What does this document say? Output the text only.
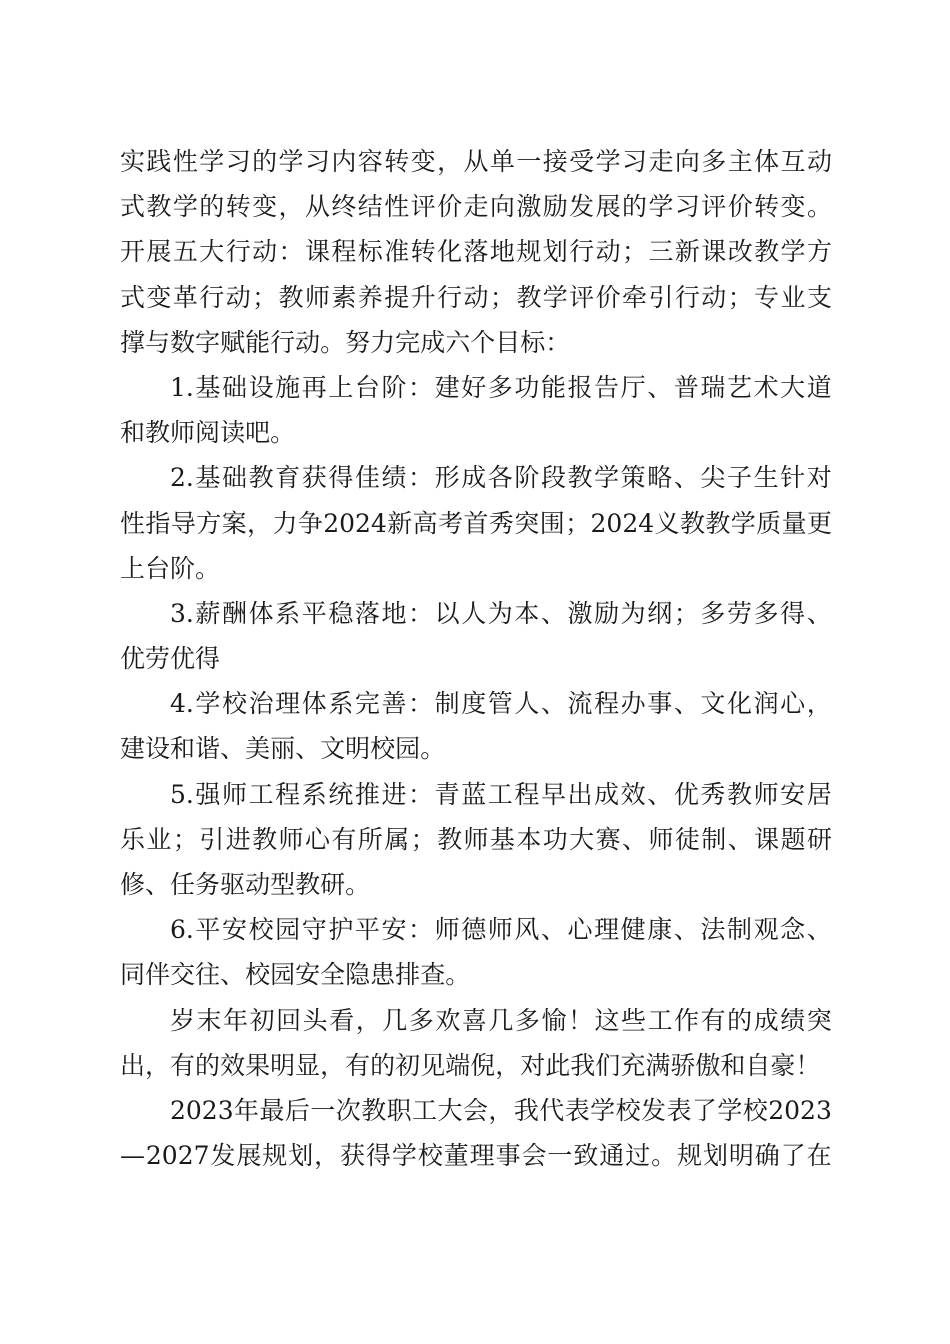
实 践 性 学 习 的 学 习 内 容 转 变 ， 从 单 一 接 受 学 习 走 向 多 主 体 互 动
式 教 学 的 转 变 ， 从 终 结 性 评 价 走 向 激 励 发 展 的 学 习 评 价 转 变 。
开 展 五 大 行 动 ： 课 程 标 准 转 化 落 地 规 划 行 动 ； 三 新 课 改 教 学 方
式 变 革 行 动 ； 教 师 素 养 提 升 行 动 ； 教 学 评 价 牵 引 行 动 ； 专 业 支
撑 与 数 字 赋 能 行 动 。 努 力 完 成 六 个 目 标 ：
1. 基 础 设 施 再 上 台 阶 ： 建 好 多 功 能 报 告 厅 、 普 瑞 艺 术 大 道
和 教 师 阅 读 吧 。
2. 基 础 教 育 获 得 佳 绩 ： 形 成 各 阶 段 教 学 策 略 、 尖 子 生 针 对
性 指 导 方 案 ， 力 争 2024 新 高 考 首 秀 突 围 ； 2024 义 教 教 学 质 量 更
上 台 阶 。
3. 薪 酬 体 系 平 稳 落 地 ： 以 人 为 本 、 激 励 为 纲 ； 多 劳 多 得 、
优 劳 优 得
4. 学 校 治 理 体 系 完 善 ： 制 度 管 人 、 流 程 办 事 、 文 化 润 心 ，
建 设 和 谐 、 美 丽 、 文 明 校 园 。
5. 强 师 工 程 系 统 推 进 ： 青 蓝 工 程 早 出 成 效 、 优 秀 教 师 安 居
乐 业 ； 引 进 教 师 心 有 所 属 ； 教 师 基 本 功 大 赛 、 师 徒 制 、 课 题 研
修 、 任 务 驱 动 型 教 研 。
6. 平 安 校 园 守 护 平 安 ： 师 德 师 风 、 心 理 健 康 、 法 制 观 念 、
同 伴 交 往 、 校 园 安 全 隐 患 排 查 。
岁 末 年 初 回 头 看 ， 几 多 欢 喜 几 多 愉 ！ 这 些 工 作 有 的 成 绩 突
出 ， 有 的 效 果 明 显 ， 有 的 初 见 端 倪 ， 对 此 我 们 充 满 骄 傲 和 自 豪 ！
2023 年 最 后 一 次 教 职 工 大 会 ， 我 代 表 学 校 发 表 了 学 校 2023
— 2027 发 展 规 划 ， 获 得 学 校 董 理 事 会 一 致 通 过 。 规 划 明 确 了 在
